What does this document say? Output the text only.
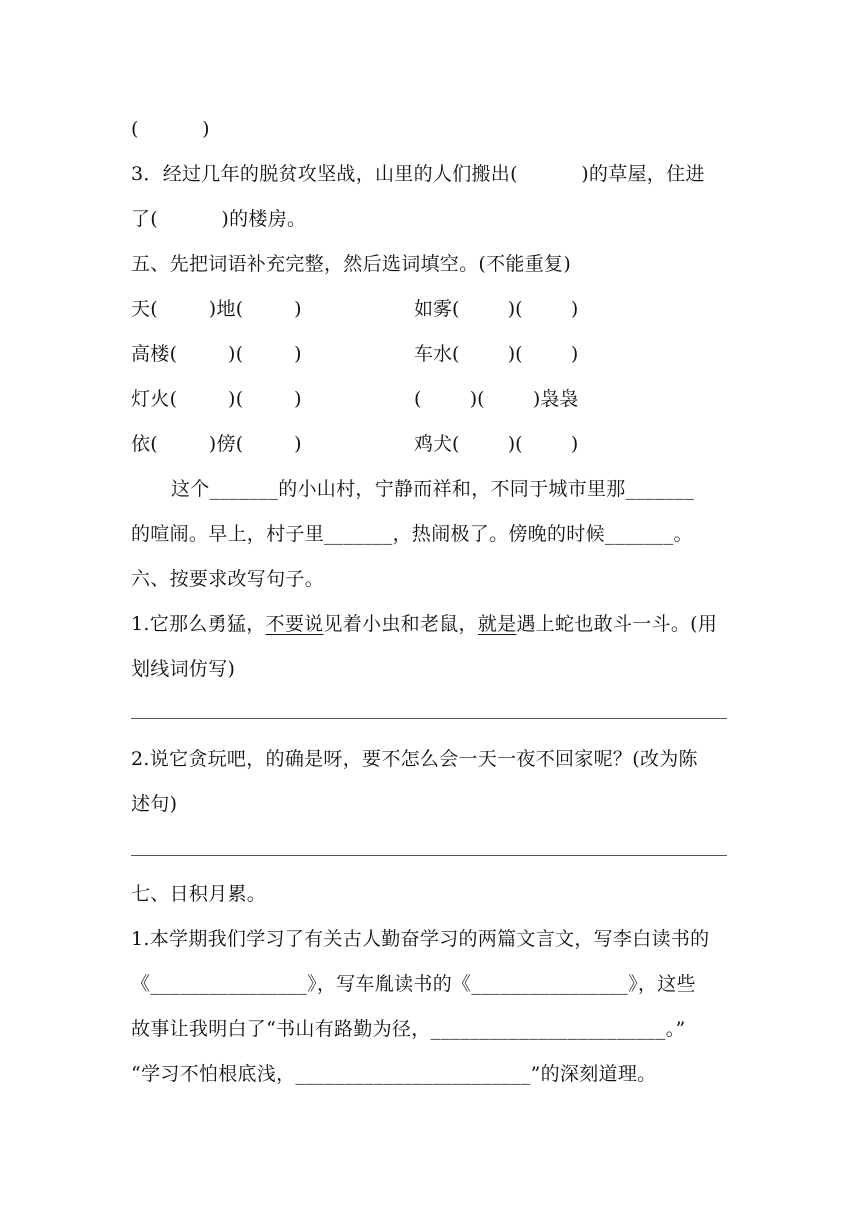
(          )
3．经过几年的脱贫攻坚战，山里的人们搬出(          )的草屋，住进
了(          )的楼房。
五、先把词语补充完整，然后选词填空。(不能重复)
天(        )地(        )	如雾(        )(        )
高楼(        )(        )	车水(        )(        )
灯火(        )(        )	(        )(        )袅袅
依(        )傍(        )	鸡犬(        )(        )
这个_______的小山村，宁静而祥和，不同于城市里那_______
的喧闹。早上，村子里_______，热闹极了。傍晚的时候_______。
六、按要求改写句子。
1.它那么勇猛，不要说见着小虫和老鼠，就是遇上蛇也敢斗一斗。(用
划线词仿写)
2.说它贪玩吧，的确是呀，要不怎么会一天一夜不回家呢？(改为陈
述句)
七、日积月累。
1.本学期我们学习了有关古人勤奋学习的两篇文言文，写李白读书的
《________________》，写车胤读书的《________________》，这些
故事让我明白了“书山有路勤为径，________________________。”
“学习不怕根底浅，________________________”的深刻道理。
